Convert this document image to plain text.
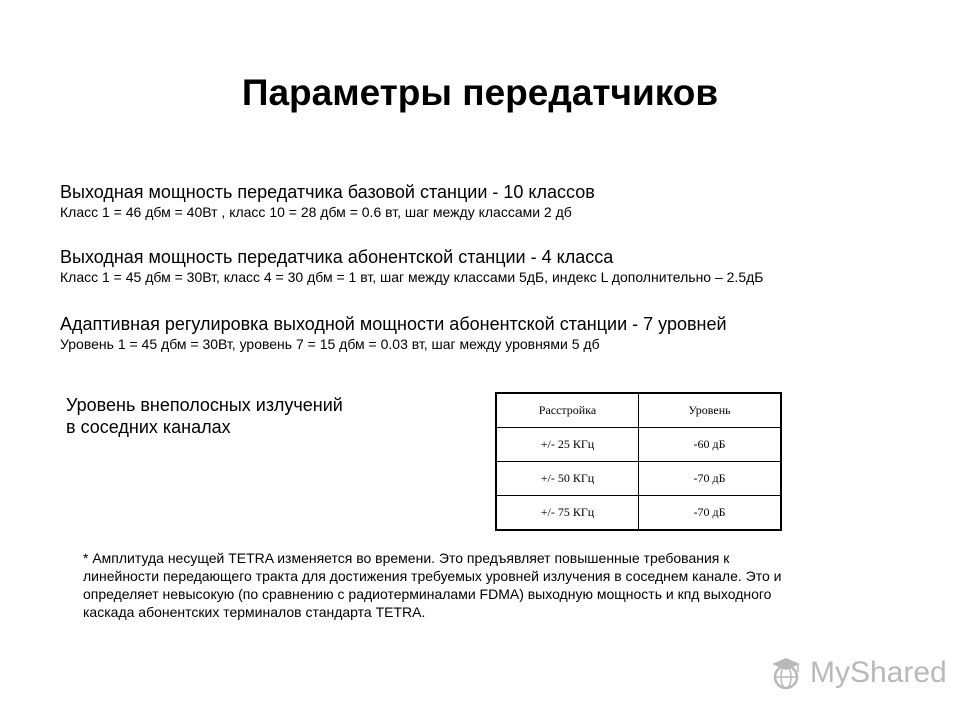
Параметры передатчиков
Выходная мощность передатчика базовой станции - 10 классов
Класс 1 = 46 дбм = 40Вт , класс 10 = 28 дбм = 0.6 вт, шаг между классами 2 дб
Выходная мощность передатчика абонентской станции - 4 класса
Класс 1 = 45 дбм = 30Вт, класс 4 = 30 дбм = 1 вт, шаг между классами 5дБ, индекс L дополнительно – 2.5дБ
Адаптивная регулировка выходной мощности абонентской станции - 7 уровней
Уровень 1 = 45 дбм = 30Вт, уровень 7 = 15 дбм = 0.03 вт, шаг между уровнями 5 дб
Уровень внеполосных излучений
в соседних каналах
Расстройка	Уровень
+/- 25 КГц	-60 дБ
+/- 50 КГц	-70 дБ
+/- 75 КГц	-70 дБ
* Амплитуда несущей TETRA изменяется во времени. Это предъявляет повышенные требования к
линейности передающего тракта для достижения требуемых уровней излучения в соседнем канале. Это и
определяет невысокую (по сравнению с радиотерминалами FDMA) выходную мощность и кпд выходного
каскада абонентских терминалов стандарта TETRA.
MyShared
